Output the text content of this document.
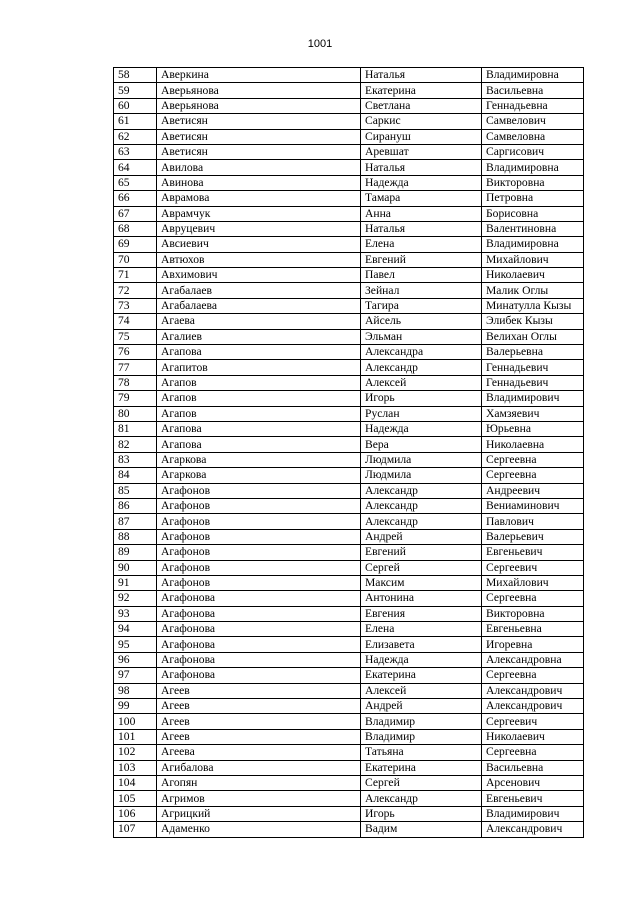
1001
58	Аверкина	Наталья	Владимировна
59	Аверьянова	Екатерина	Васильевна
60	Аверьянова	Светлана	Геннадьевна
61	Аветисян	Саркис	Самвелович
62	Аветисян	Сирануш	Самвеловна
63	Аветисян	Аревшат	Саргисович
64	Авилова	Наталья	Владимировна
65	Авинова	Надежда	Викторовна
66	Аврамова	Тамара	Петровна
67	Аврамчук	Анна	Борисовна
68	Авруцевич	Наталья	Валентиновна
69	Авсиевич	Елена	Владимировна
70	Автюхов	Евгений	Михайлович
71	Авхимович	Павел	Николаевич
72	Агабалаев	Зейнал	Малик Оглы
73	Агабалаева	Тагира	Минатулла Кызы
74	Агаева	Айсель	Элибек Кызы
75	Агалиев	Эльман	Велихан Оглы
76	Агапова	Александра	Валерьевна
77	Агапитов	Александр	Геннадьевич
78	Агапов	Алексей	Геннадьевич
79	Агапов	Игорь	Владимирович
80	Агапов	Руслан	Хамзяевич
81	Агапова	Надежда	Юрьевна
82	Агапова	Вера	Николаевна
83	Агаркова	Людмила	Сергеевна
84	Агаркова	Людмила	Сергеевна
85	Агафонов	Александр	Андреевич
86	Агафонов	Александр	Вениаминович
87	Агафонов	Александр	Павлович
88	Агафонов	Андрей	Валерьевич
89	Агафонов	Евгений	Евгеньевич
90	Агафонов	Сергей	Сергеевич
91	Агафонов	Максим	Михайлович
92	Агафонова	Антонина	Сергеевна
93	Агафонова	Евгения	Викторовна
94	Агафонова	Елена	Евгеньевна
95	Агафонова	Елизавета	Игоревна
96	Агафонова	Надежда	Александровна
97	Агафонова	Екатерина	Сергеевна
98	Агеев	Алексей	Александрович
99	Агеев	Андрей	Александрович
100	Агеев	Владимир	Сергеевич
101	Агеев	Владимир	Николаевич
102	Агеева	Татьяна	Сергеевна
103	Агибалова	Екатерина	Васильевна
104	Агопян	Сергей	Арсенович
105	Агримов	Александр	Евгеньевич
106	Агрицкий	Игорь	Владимирович
107	Адаменко	Вадим	Александрович
